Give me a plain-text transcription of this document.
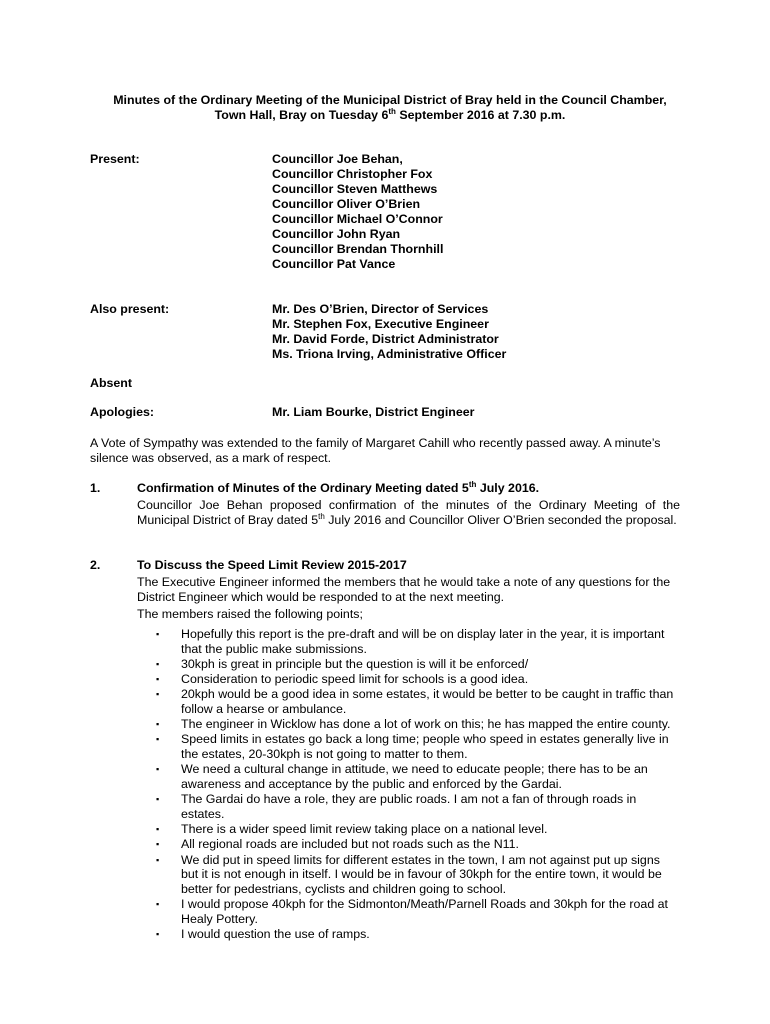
Minutes of the Ordinary Meeting of the Municipal District of Bray held in the Council Chamber,
Town Hall, Bray on Tuesday 6th September 2016 at 7.30 p.m.
Present:	Councillor Joe Behan,
Councillor Christopher Fox
Councillor Steven Matthews
Councillor Oliver O’Brien
Councillor Michael O’Connor
Councillor John Ryan
Councillor Brendan Thornhill
Councillor Pat Vance
Also present:	Mr. Des O’Brien, Director of Services
Mr. Stephen Fox, Executive Engineer
Mr. David Forde, District Administrator
Ms. Triona Irving, Administrative Officer
Absent
Apologies:	Mr. Liam Bourke, District Engineer

A Vote of Sympathy was extended to the family of Margaret Cahill who recently passed away. A minute’s silence was observed, as a mark of respect.

1.	Confirmation of Minutes of the Ordinary Meeting dated 5th July 2016.

Councillor Joe Behan proposed confirmation of the minutes of the Ordinary Meeting of the Municipal District of Bray dated 5th July 2016 and Councillor Oliver O’Brien seconded the proposal.

2.	To Discuss the Speed Limit Review 2015-2017

The Executive Engineer informed the members that he would take a note of any questions for the District Engineer which would be responded to at the next meeting.

The members raised the following points;

▪ Hopefully this report is the pre-draft and will be on display later in the year, it is important that the public make submissions.
▪ 30kph is great in principle but the question is will it be enforced/
▪ Consideration to periodic speed limit for schools is a good idea.
▪ 20kph would be a good idea in some estates, it would be better to be caught in traffic than follow a hearse or ambulance.
▪ The engineer in Wicklow has done a lot of work on this; he has mapped the entire county.
▪ Speed limits in estates go back a long time; people who speed in estates generally live in the estates, 20-30kph is not going to matter to them.
▪ We need a cultural change in attitude, we need to educate people; there has to be an awareness and acceptance by the public and enforced by the Gardai.
▪ The Gardai do have a role, they are public roads. I am not a fan of through roads in estates.
▪ There is a wider speed limit review taking place on a national level.
▪ All regional roads are included but not roads such as the N11.
▪ We did put in speed limits for different estates in the town, I am not against put up signs but it is not enough in itself. I would be in favour of 30kph for the entire town, it would be better for pedestrians, cyclists and children going to school.
▪ I would propose 40kph for the Sidmonton/Meath/Parnell Roads and 30kph for the road at Healy Pottery.
▪ I would question the use of ramps.
